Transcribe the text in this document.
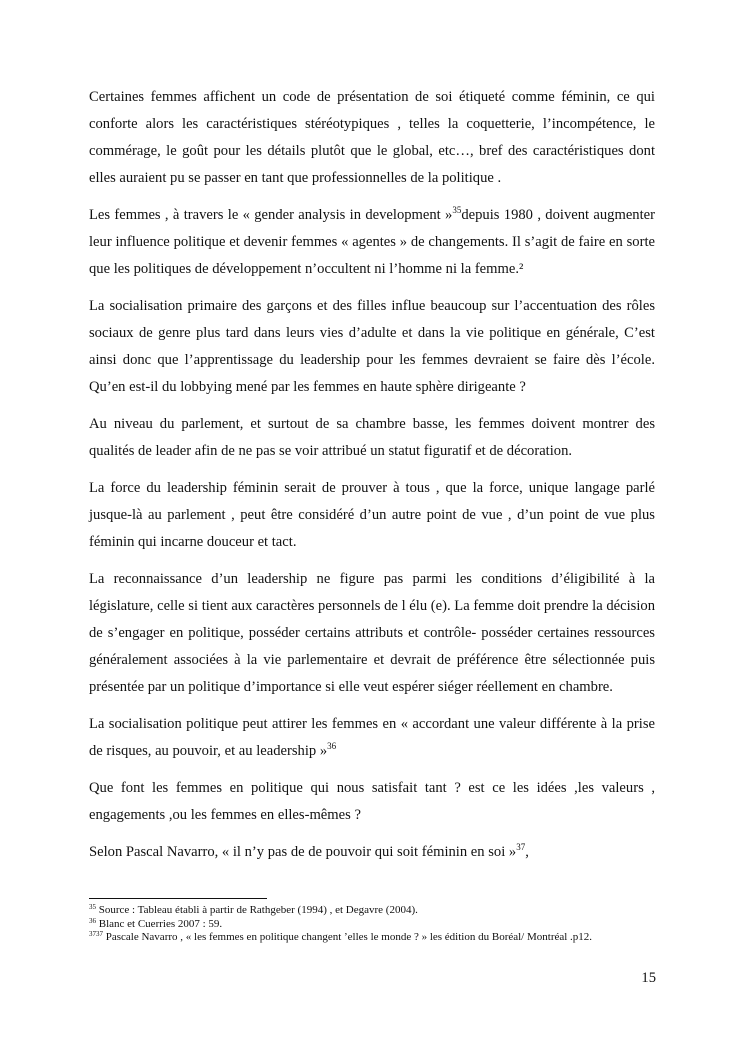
Certaines femmes affichent un code de présentation de soi étiqueté comme féminin, ce qui conforte alors les caractéristiques stéréotypiques , telles la coquetterie, l’incompétence, le commérage, le goût pour les détails plutôt que le global, etc…, bref des caractéristiques dont elles auraient pu se passer en tant que professionnelles de la politique .

Les femmes , à travers le « gender analysis in development »$^{35}$depuis 1980 , doivent augmenter leur influence politique et devenir femmes « agentes » de changements. Il s’agit de faire en sorte que les politiques de développement n’occultent ni l’homme ni la femme.²

La socialisation primaire des garçons et des filles influe beaucoup sur l’accentuation des rôles sociaux de genre plus tard dans leurs vies d’adulte et dans la vie politique en générale, C’est ainsi donc que l’apprentissage du leadership pour les femmes devraient se faire dès l’école. Qu’en est-il du lobbying mené par les femmes en haute sphère dirigeante ?

Au niveau du parlement, et surtout de sa chambre basse, les femmes doivent montrer des qualités de leader afin de ne pas se voir attribué un statut figuratif et de décoration.

La force du leadership féminin serait de prouver à tous , que la force, unique langage parlé jusque-là au parlement , peut être considéré d’un autre point de vue , d’un point de vue plus féminin qui incarne douceur et tact.

La reconnaissance d’un leadership ne figure pas parmi les conditions d’éligibilité à la législature, celle si tient aux caractères personnels de l élu (e). La femme doit prendre la décision de s’engager en politique, posséder certains attributs et contrôle- posséder certaines ressources généralement associées à la vie parlementaire et devrait de préférence être sélectionnée puis présentée par un politique d’importance si elle veut espérer siéger réellement en chambre.

La socialisation politique peut attirer les femmes en « accordant une valeur différente à la prise de risques, au pouvoir, et au leadership »$^{36}$

Que font les femmes en politique qui nous satisfait tant ? est ce les idées ,les valeurs , engagements ,ou les femmes en elles-mêmes ?

Selon Pascal Navarro, « il n’y pas de de pouvoir qui soit féminin en soi »$^{37}$,

$^{35}$ Source : Tableau établi à partir de Rathgeber (1994) , et Degavre (2004).

$^{36}$ Blanc et Cuerries 2007 : 59.

$^{3737}$ Pascale Navarro , « les femmes en politique changent ’elles le monde ? » les édition du Boréal/ Montréal .p12.

15
